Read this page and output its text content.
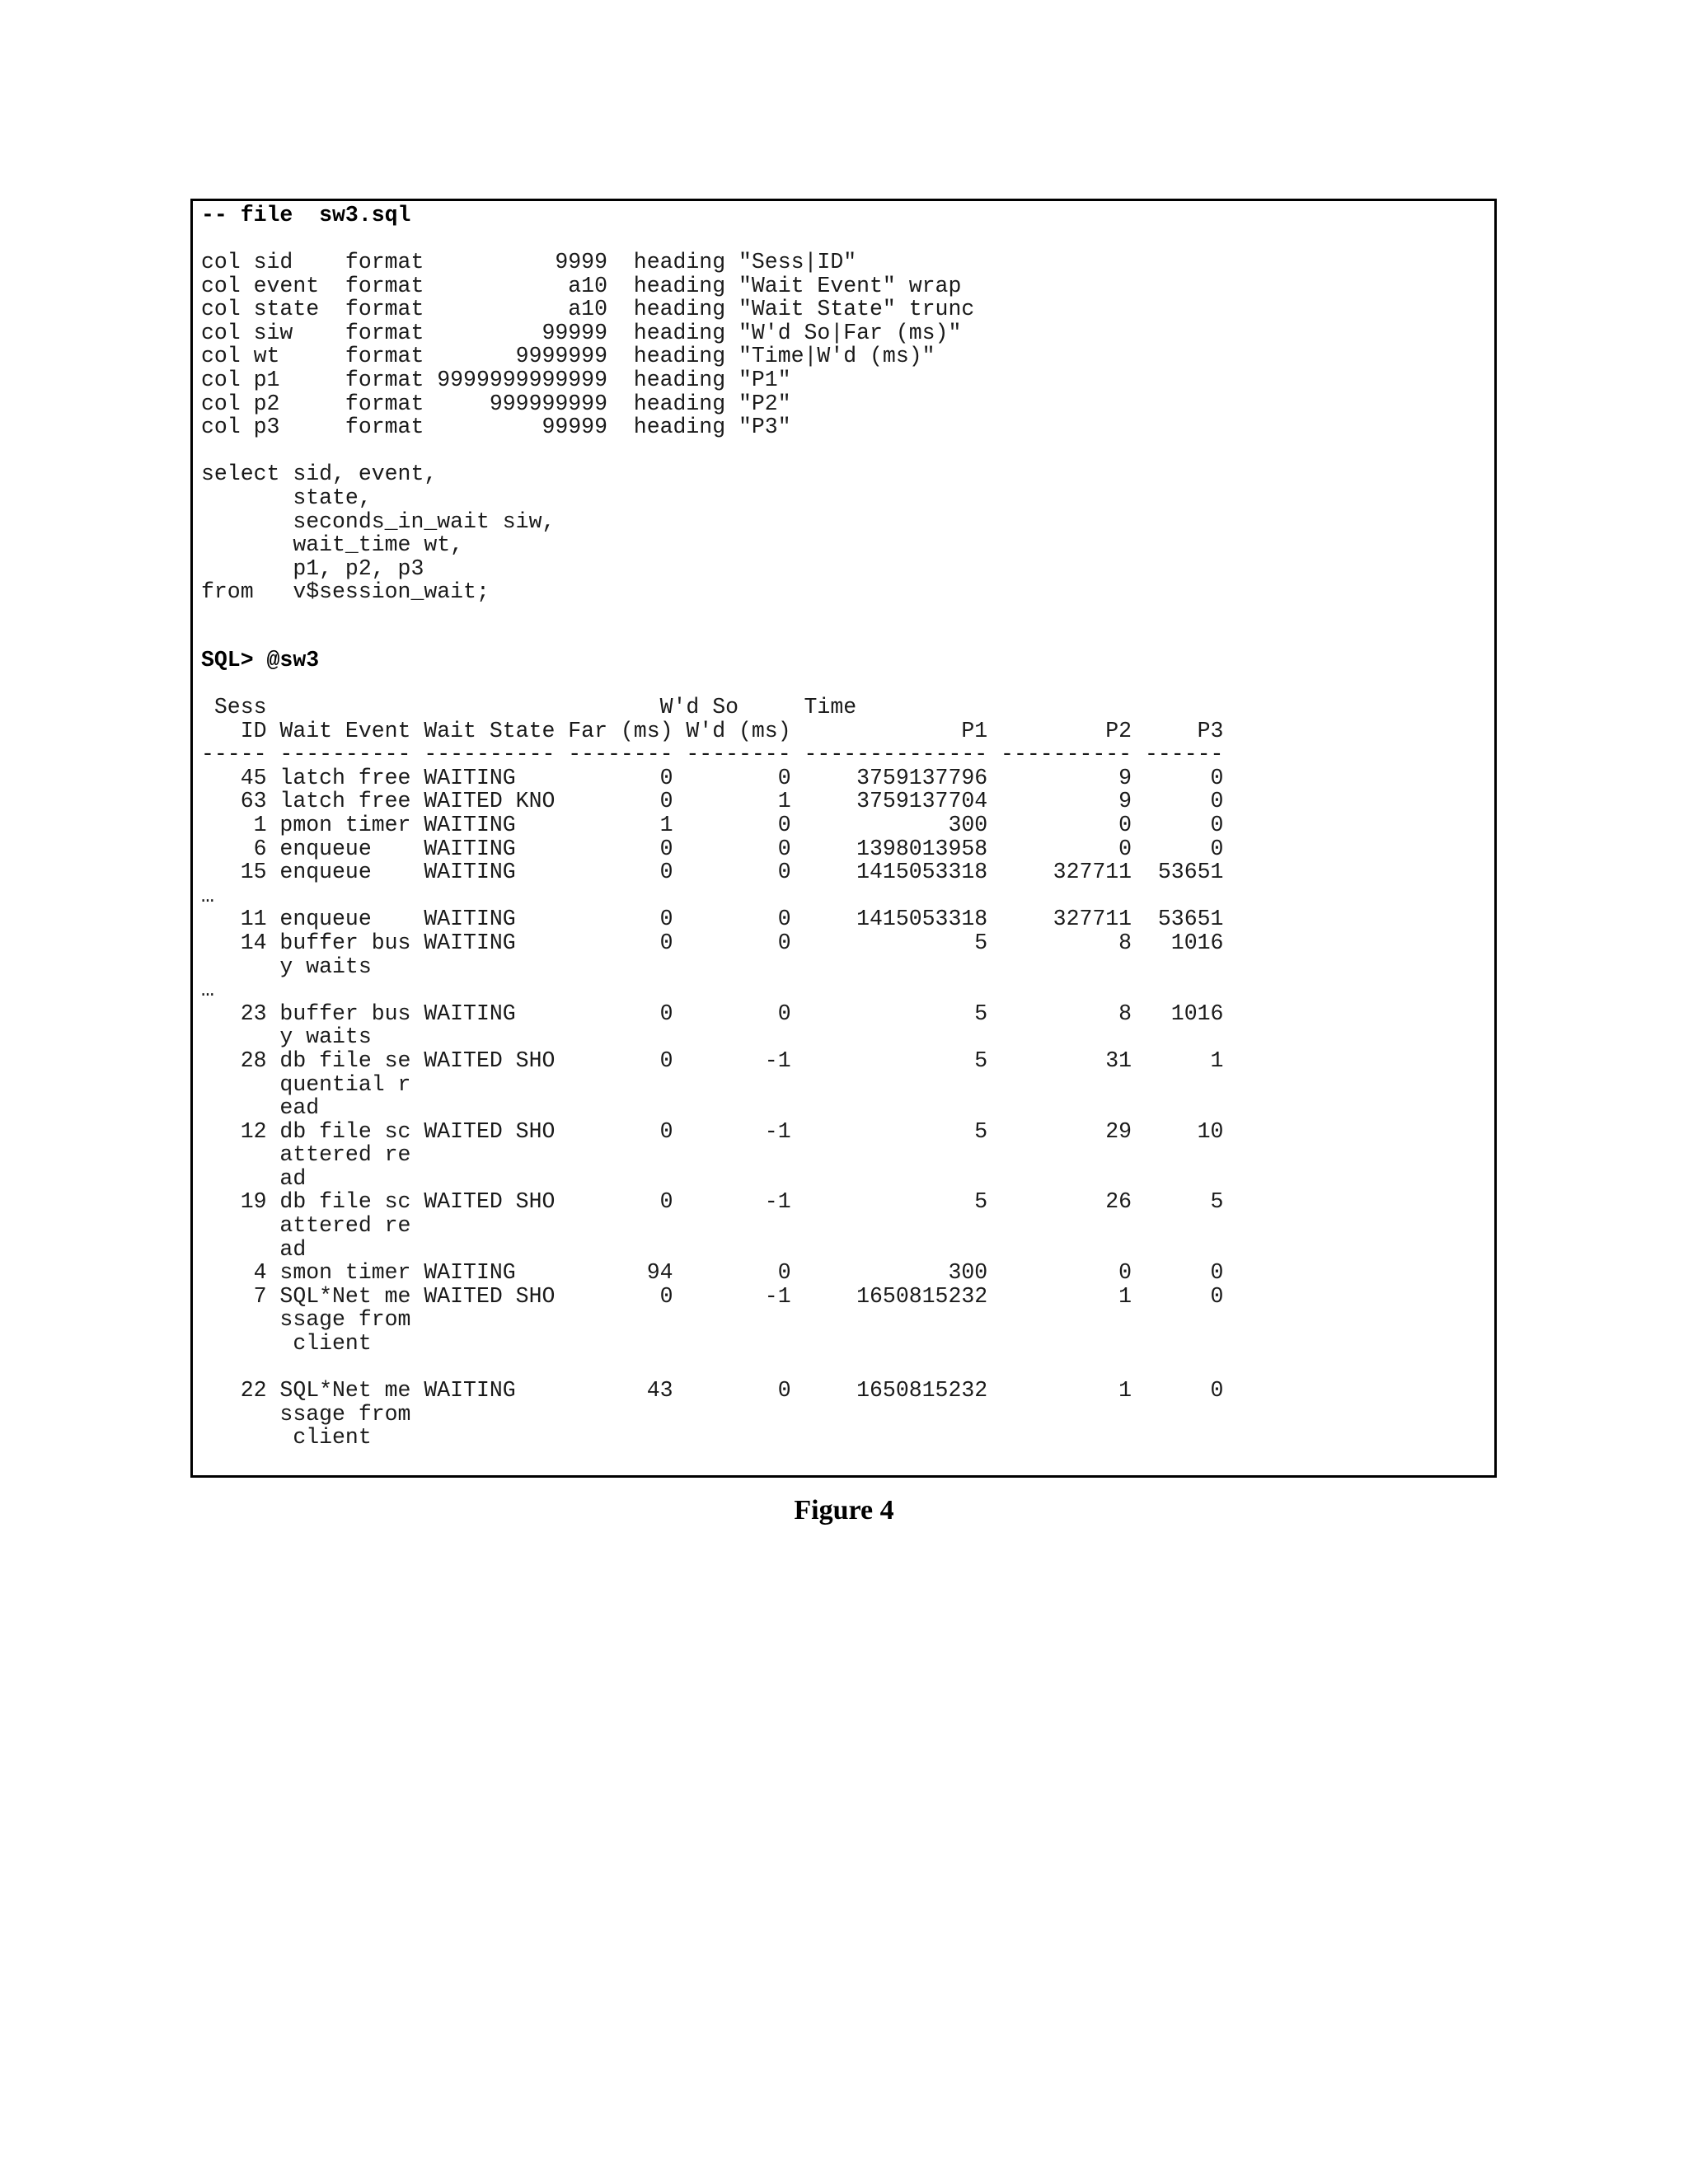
-- file  sw3.sql
col sid    format          9999  heading "Sess|ID"
col event  format           a10  heading "Wait Event" wrap
col state  format           a10  heading "Wait State" trunc
col siw    format         99999  heading "W'd So|Far (ms)"
col wt     format       9999999  heading "Time|W'd (ms)"
col p1     format 9999999999999  heading "P1"
col p2     format     999999999  heading "P2"
col p3     format         99999  heading "P3"

select sid, event,
state,
seconds_in_wait siw,
wait_time wt,
p1, p2, p3
from   v$session_wait;
SQL> @sw3
Sess                              W'd So     Time
ID Wait Event Wait State Far (ms) W'd (ms)             P1         P2     P3
----- ---------- ---------- -------- -------- -------------- ---------- ------
45 latch free WAITING           0        0     3759137796          9      0
63 latch free WAITED KNO        0        1     3759137704          9      0
1 pmon timer WAITING           1        0            300          0      0
6 enqueue    WAITING           0        0     1398013958          0      0
15 enqueue    WAITING           0        0     1415053318     327711  53651
…
11 enqueue    WAITING           0        0     1415053318     327711  53651
14 buffer bus WAITING           0        0              5          8   1016
y waits
…
23 buffer bus WAITING           0        0              5          8   1016
y waits
28 db file se WAITED SHO        0       -1              5         31      1
quential r
ead
12 db file sc WAITED SHO        0       -1              5         29     10
attered re
ad
19 db file sc WAITED SHO        0       -1              5         26      5
attered re
ad
4 smon timer WAITING          94        0            300          0      0
7 SQL*Net me WAITED SHO        0       -1     1650815232          1      0
ssage from
client

22 SQL*Net me WAITING          43        0     1650815232          1      0
ssage from
client

Figure 4
